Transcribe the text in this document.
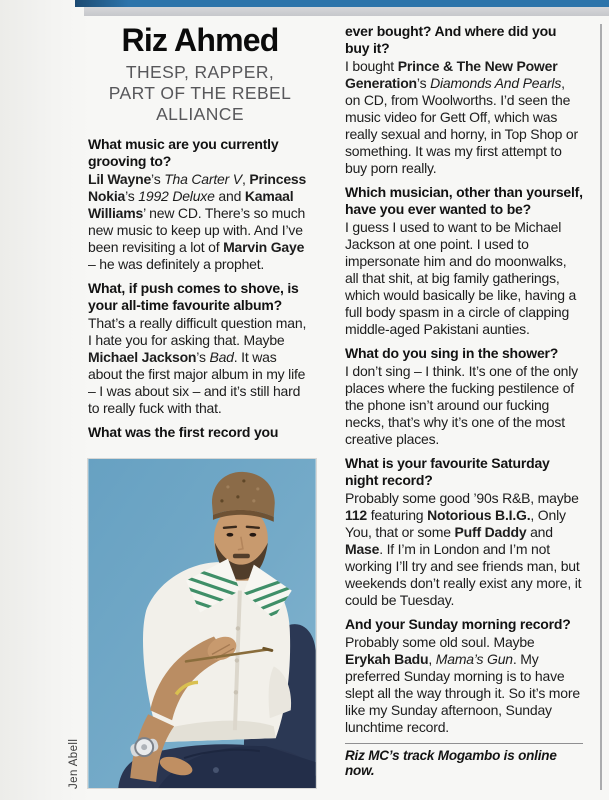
Riz Ahmed
THESP, RAPPER,
PART OF THE REBEL
ALLIANCE

What music are you currently grooving to?

Lil Wayne’s Tha Carter V, Princess Nokia’s 1992 Deluxe and Kamaal Williams’ new CD. There’s so much new music to keep up with. And I’ve been revisiting a lot of Marvin Gaye – he was definitely a prophet.

What, if push comes to shove, is your all-time favourite album?

That’s a really difficult question man, I hate you for asking that. Maybe Michael Jackson’s Bad. It was about the first major album in my life – I was about six – and it’s still hard to really fuck with that.

What was the first record you

ever bought? And where did you buy it?

I bought Prince & The New Power Generation’s Diamonds And Pearls, on CD, from Woolworths. I’d seen the music video for Gett Off, which was really sexual and horny, in Top Shop or something. It was my first attempt to buy porn really.

Which musician, other than yourself, have you ever wanted to be?

I guess I used to want to be Michael Jackson at one point. I used to impersonate him and do moonwalks, all that shit, at big family gatherings, which would basically be like, having a full body spasm in a circle of clapping middle-aged Pakistani aunties.

What do you sing in the shower?

I don’t sing – I think. It’s one of the only places where the fucking pestilence of the phone isn’t around our fucking necks, that’s why it’s one of the most creative places.

What is your favourite Saturday night record?

Probably some good ’90s R&B, maybe 112 featuring Notorious B.I.G., Only You, that or some Puff Daddy and Mase. If I’m in London and I’m not working I’ll try and see friends man, but weekends don’t really exist any more, it could be Tuesday.

And your Sunday morning record?

Probably some old soul. Maybe Erykah Badu, Mama’s Gun. My preferred Sunday morning is to have slept all the way through it. So it’s more like my Sunday afternoon, Sunday lunchtime record.

Riz MC’s track Mogambo is online now.
Jen Abell
